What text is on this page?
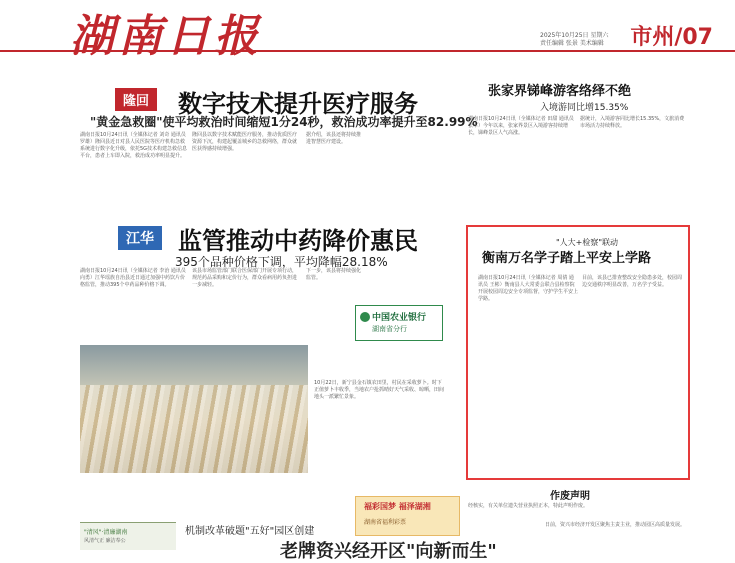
湖南日报	2025年10月25日 星期六
责任编辑 张景 美术编辑 市州/07
隆回	数字技术提升医疗服务
"黄金急救圈"使平均救治时间缩短1分24秒，救治成功率提升至82.99%
湖南日报10月24日讯（全媒体记者 刘奇 通讯员 罗雄）隆回县近日对县人民医院等医疗机构急救系统进行数字化升级，依托5G技术构建急救信息平台，患者上车即入院，救治成功率明显提升。
隆回县以数字技术赋能医疗服务，推动优质医疗资源下沉，构建起覆盖城乡的急救网络，群众就医获得感持续增强。
据介绍，该县还将持续推进智慧医疗建设。
江华	监管推动中药降价惠民
395个品种价格下调，平均降幅28.18%
湖南日报10月24日讯（全媒体记者 李治 通讯员 向勇）江华瑶族自治县近日通过加强中药饮片价格监管，推动395个中药品种价格下调。
该县市场监管部门联合医保部门开展专项行动，规范药品采购和定价行为，群众看病用药负担进一步减轻。
下一步，该县将持续强化监管。
中国农业银行
湖南省分行
10月22日，新宁县金石镇农田里，村民在采收萝卜。时下正值萝卜丰收季，当地农户抢抓晴好天气采收、晾晒，田间地头一派繁忙景象。
张家界锑峰游客络绎不绝
入境游同比增15.35%
湖南日报10月24日讯（全媒体记者 田甜 通讯员 张军）今年以来，张家界景区入境游客持续增长，锑峰景区人气高涨。
据统计，入境游客同比增长15.35%，文旅消费市场活力持续释放。
"人大+检察"联动
衡南万名学子踏上平安上学路
湖南日报10月24日讯（全媒体记者 周倩 通讯员 王彬）衡南县人大常委会联合县检察院开展校园周边安全专项监督，守护学生平安上学路。
目前，该县已排查整改安全隐患多处，校园周边交通秩序明显改善，万名学子受益。
作废声明
经核实，有关单位遗失营业执照正本，特此声明作废。
福彩国梦 福泽湖湘
湖南省福利彩票
"清风"·清廉湖南
风清气正 廉洁奉公
机制改革破题"五好"园区创建
老牌资兴经开区"向新而生"
日前，资兴市经济开发区聚焦主责主业，推动园区高质量发展。
